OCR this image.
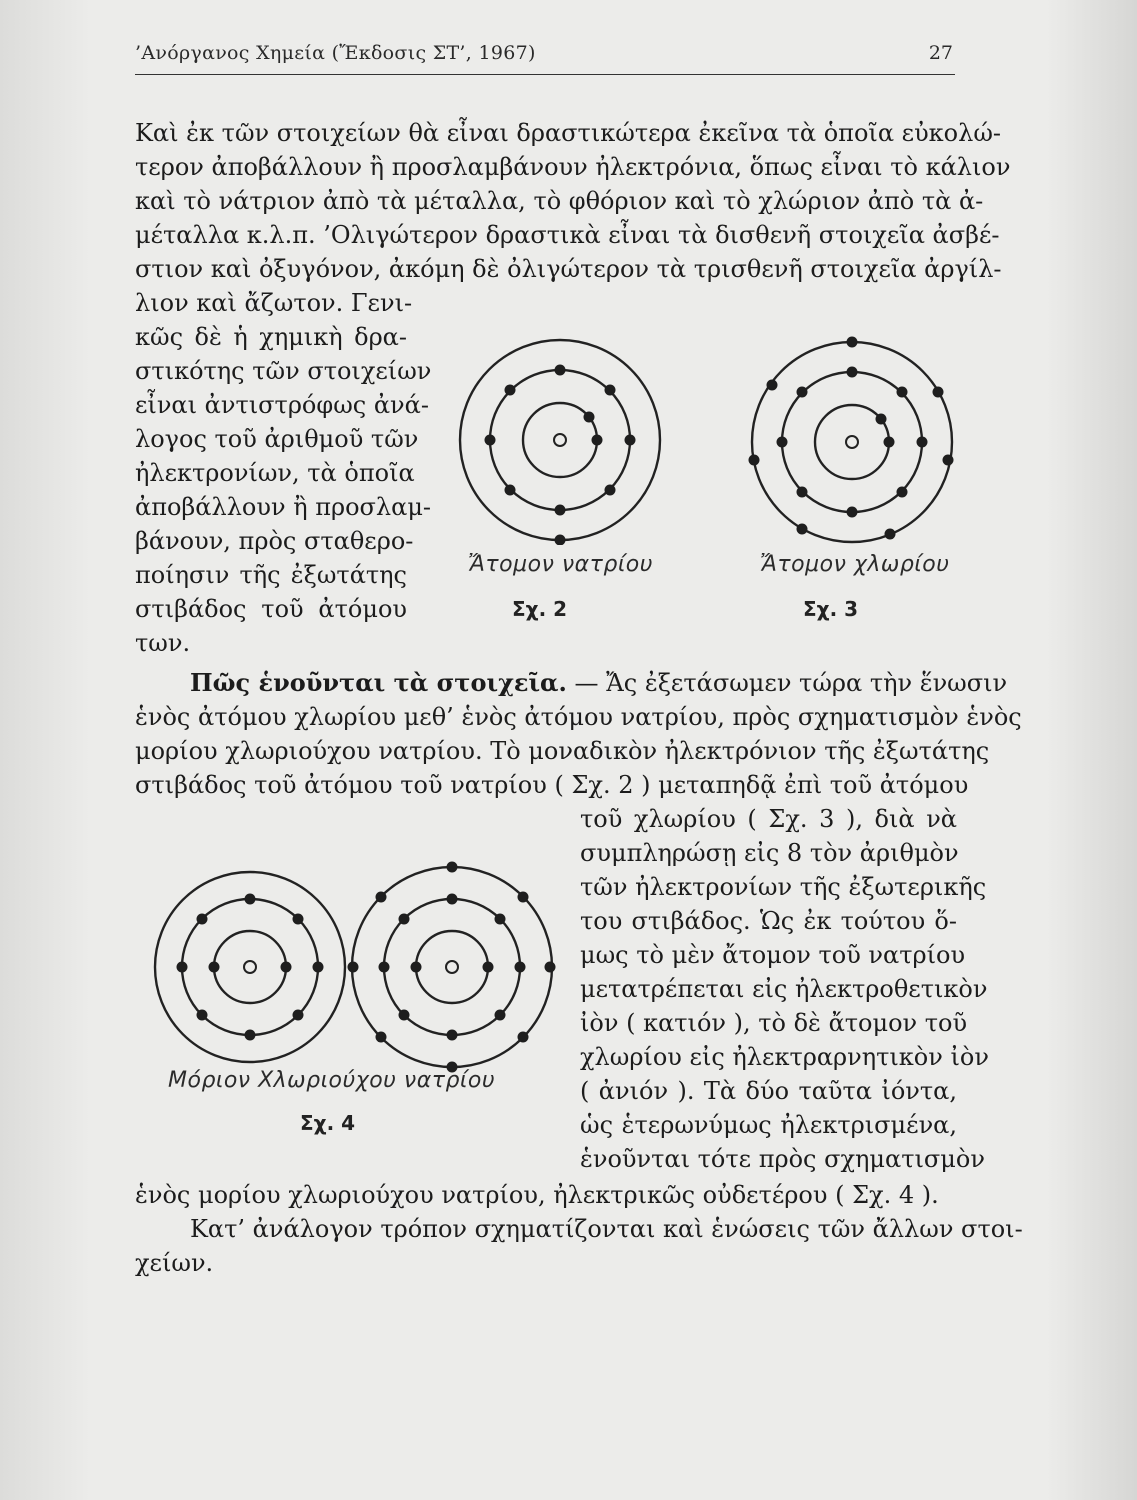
’Ανόργανος Χημεία (Ἔκδοσις ΣΤ’, 1967)	27
Καὶ ἐκ τῶν στοιχείων θὰ εἶναι δραστικώτερα ἐκεῖνα τὰ ὁποῖα εὐκολώ-
τερον ἀποβάλλουν ἢ προσλαμβάνουν ἠλεκτρόνια, ὅπως εἶναι τὸ κάλιον
καὶ τὸ νάτριον ἀπὸ τὰ μέταλλα, τὸ φθόριον καὶ τὸ χλώριον ἀπὸ τὰ ἀ-
μέταλλα κ.λ.π. ’Ολιγώτερον δραστικὰ εἶναι τὰ δισθενῆ στοιχεῖα ἀσβέ-
στιον καὶ ὀξυγόνον, ἀκόμη δὲ ὀλιγώτερον τὰ τρισθενῆ στοιχεῖα ἀργίλ-
λιον καὶ ἄζωτον. Γενι-
κῶς δὲ ἡ χημικὴ δρα-
στικότης τῶν στοιχείων
εἶναι ἀντιστρόφως ἀνά-
λογος τοῦ ἀριθμοῦ τῶν
ἠλεκτρονίων, τὰ ὁποῖα
ἀποβάλλουν ἢ προσλαμ-
βάνουν, πρὸς σταθερο-
ποίησιν τῆς ἐξωτάτης
στιβάδος τοῦ ἀτόμου
των.
Ἄτομον νατρίου
Σχ. 2
Ἄτομον χλωρίου
Σχ. 3
Πῶς ἑνοῦνται τὰ στοιχεῖα. — Ἄς ἐξετάσωμεν τώρα τὴν ἕνωσιν
ἑνὸς ἀτόμου χλωρίου μεθ’ ἑνὸς ἀτόμου νατρίου, πρὸς σχηματισμὸν ἑνὸς
μορίου χλωριούχου νατρίου. Τὸ μοναδικὸν ἠλεκτρόνιον τῆς ἐξωτάτης
στιβάδος τοῦ ἀτόμου τοῦ νατρίου ( Σχ. 2 ) μεταπηδᾷ ἐπὶ τοῦ ἀτόμου
τοῦ χλωρίου ( Σχ. 3 ), διὰ νὰ
συμπληρώσῃ εἰς 8 τὸν ἀριθμὸν
τῶν ἠλεκτρονίων τῆς ἐξωτερικῆς
του στιβάδος. Ὡς ἐκ τούτου ὅ-
μως τὸ μὲν ἄτομον τοῦ νατρίου
μετατρέπεται εἰς ἠλεκτροθετικὸν
ἰὸν ( κατιόν ), τὸ δὲ ἄτομον τοῦ
χλωρίου εἰς ἠλεκτραρνητικὸν ἰὸν
( ἀνιόν ). Τὰ δύο ταῦτα ἰόντα,
ὡς ἑτερωνύμως ἠλεκτρισμένα,
ἑνοῦνται τότε πρὸς σχηματισμὸν
Μόριον Χλωριούχου νατρίου
Σχ. 4
ἑνὸς μορίου χλωριούχου νατρίου, ἠλεκτρικῶς οὐδετέρου ( Σχ. 4 ).
Κατ’ ἀνάλογον τρόπον σχηματίζονται καὶ ἑνώσεις τῶν ἄλλων στοι-
χείων.
